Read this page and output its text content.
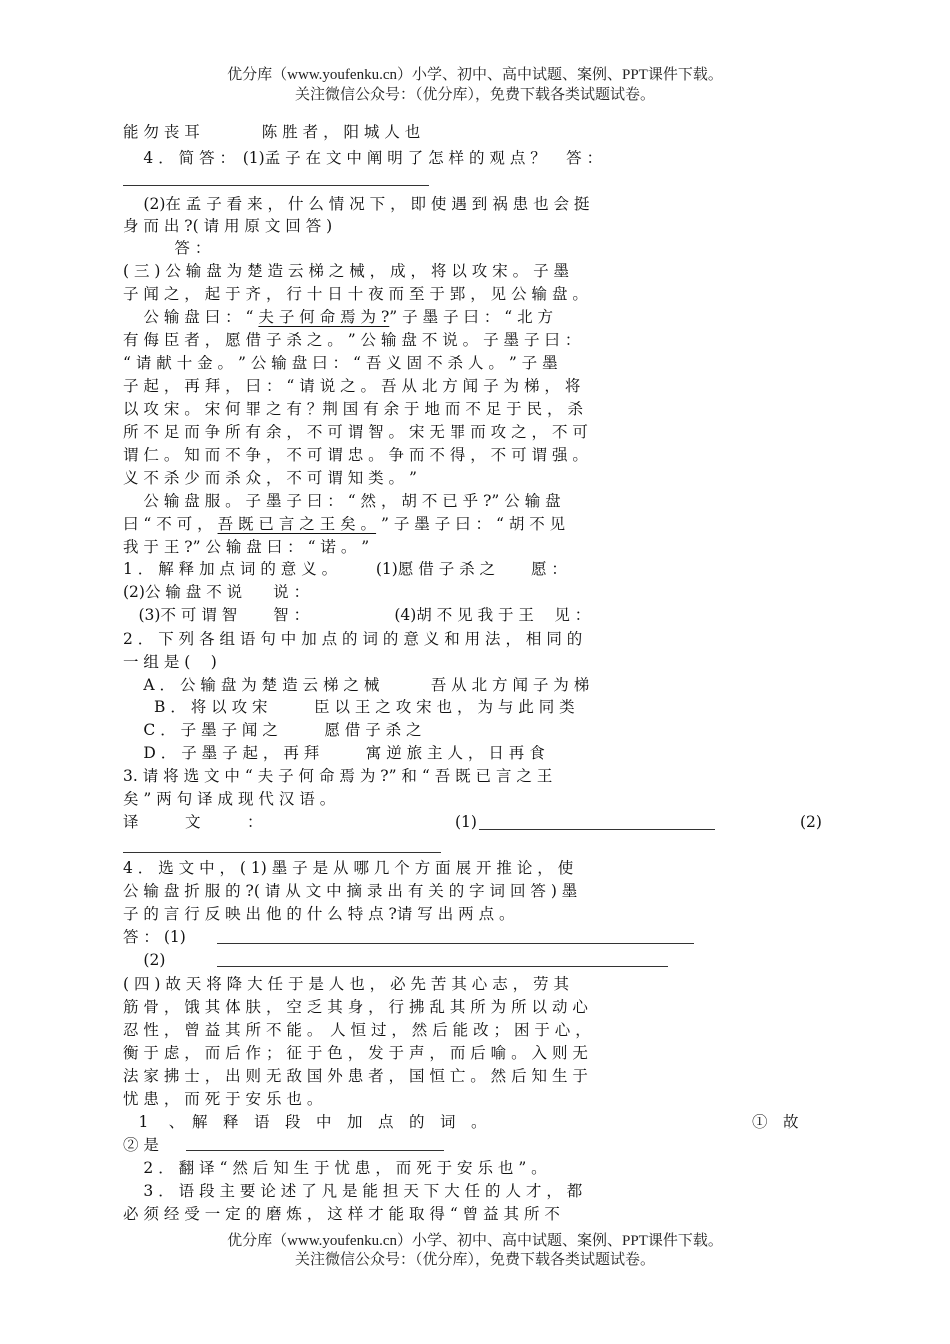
优分库（www.youfenku.cn）小学、初中、高中试题、案例、PPT课件下载。
关注微信公众号：（优分库），免费下载各类试题试卷。
能 勿 丧 耳　　　　陈 胜 者 ， 阳 城 人 也
　 4 ． 简 答 ：　(1)孟 子 在 文 中 阐 明 了 怎 样 的 观 点 ？　 答 ：
　 (2)在 孟 子 看 来 ， 什 么 情 况 下 ， 即 使 遇 到 祸 患 也 会 挺
身 而 出 ?( 请 用 原 文 回 答 )
　　　 答 ：
( 三 ) 公 输 盘 为 楚 造 云 梯 之 械 ， 成 ， 将 以 攻 宋 。 子 墨
子 闻 之 ， 起 于 齐 ， 行 十 日 十 夜 而 至 于 郢 ， 见 公 输 盘 。
　 公 输 盘 曰 ： “ 夫 子 何 命 焉 为 ?” 子 墨 子 曰 ： “ 北 方
有 侮 臣 者 ， 愿 借 子 杀 之 。 ” 公 输 盘 不 说 。 子 墨 子 曰 ：
“ 请 献 十 金 。 ” 公 输 盘 曰 ： “ 吾 义 固 不 杀 人 。 ” 子 墨
子 起 ， 再 拜 ， 曰 ： “ 请 说 之 。 吾 从 北 方 闻 子 为 梯 ， 将
以 攻 宋 。 宋 何 罪 之 有 ？荆 国 有 余 于 地 而 不 足 于 民 ， 杀
所 不 足 而 争 所 有 余 ， 不 可 谓 智 。 宋 无 罪 而 攻 之 ， 不 可
谓 仁 。 知 而 不 争 ， 不 可 谓 忠 。 争 而 不 得 ， 不 可 谓 强 。
义 不 杀 少 而 杀 众 ， 不 可 谓 知 类 。 ”
　 公 输 盘 服 。 子 墨 子 曰 ： “ 然 ， 胡 不 已 乎 ?” 公 输 盘
曰 “ 不 可 ， 吾 既 已 言 之 王 矣 。 ” 子 墨 子 曰 ： “ 胡 不 见
我 于 王 ?” 公 输 盘 曰 ： “ 诺 。 ”
1 ． 解 释 加 点 词 的 意 义 。　　　(1)愿 借 子 杀 之　　 愿 ：
(2)公 输 盘 不 说　　说 ：
　(3)不 可 谓 智　　 智 ：　　　　　　(4)胡 不 见 我 于 王　 见 ：
2 ． 下 列 各 组 语 句 中 加 点 的 词 的 意 义 和 用 法 ， 相 同 的
一 组 是 (　 )
　 A ． 公 输 盘 为 楚 造 云 梯 之 械　　　 吾 从 北 方 闻 子 为 梯
　　B ． 将 以 攻 宋　　　臣 以 王 之 攻 宋 也 ， 为 与 此 同 类
　 C ． 子 墨 子 闻 之　　　愿 借 子 杀 之
　 D ． 子 墨 子 起 ， 再 拜　　　寓 逆 旅 主 人 ， 日 再 食
3. 请 将 选 文 中 “ 夫 子 何 命 焉 为 ?” 和 “ 吾 既 已 言 之 王
矣 ” 两 句 译 成 现 代 汉 语 。
译　　　文　　　：	(1)	(2)
4 ． 选 文 中 ， ( 1) 墨 子 是 从 哪 几 个 方 面 展 开 推 论 ， 使
公 输 盘 折 服 的 ?( 请 从 文 中 摘 录 出 有 关 的 字 词 回 答 ) 墨
子 的 言 行 反 映 出 他 的 什 么 特 点 ?请 写 出 两 点 。
答 ： (1)
　 (2)
( 四 ) 故 天 将 降 大 任 于 是 人 也 ， 必 先 苦 其 心 志 ， 劳 其
筋 骨 ， 饿 其 体 肤 ， 空 乏 其 身 ， 行 拂 乱 其 所 为 所 以 动 心
忍 性 ， 曾 益 其 所 不 能 。　人 恒 过 ， 然 后 能 改 ； 困 于 心 ，
衡 于 虑 ， 而 后 作 ； 征 于 色 ， 发 于 声 ， 而 后 喻 。 入 则 无
法 家 拂 士 ， 出 则 无 敌 国 外 患 者 ， 国 恒 亡 。 然 后 知 生 于
忧 患 ， 而 死 于 安 乐 也 。
　1　 、　解　释　语　段　中　加　点　的　词　。	①　故
② 是
　 2 ． 翻 译 “ 然 后 知 生 于 忧 患 ， 而 死 于 安 乐 也 ” 。
　 3 ． 语 段 主 要 论 述 了 凡 是 能 担 天 下 大 任 的 人 才 ， 都
必 须 经 受 一 定 的 磨 炼 ， 这 样 才 能 取 得 “ 曾 益 其 所 不
优分库（www.youfenku.cn）小学、初中、高中试题、案例、PPT课件下载。
关注微信公众号：（优分库），免费下载各类试题试卷。
